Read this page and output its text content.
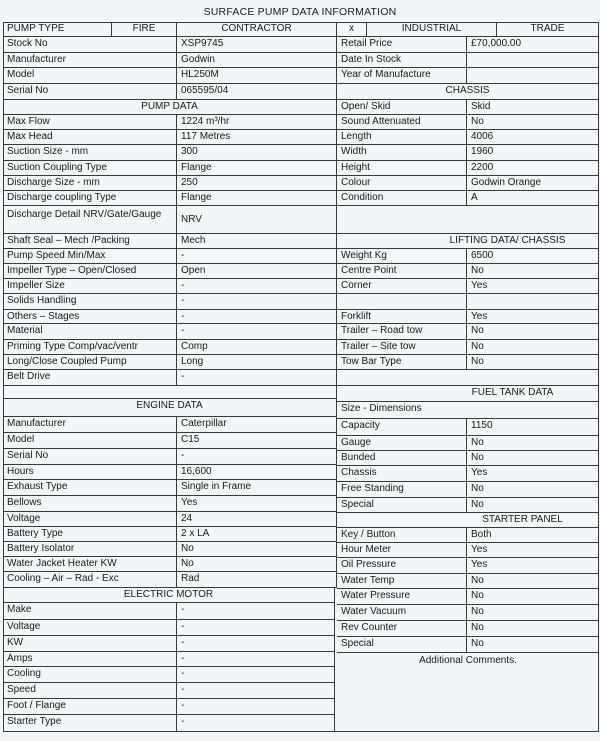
SURFACE PUMP DATA INFORMATION
PUMP TYPE	FIRE	CONTRACTOR	x	INDUSTRIAL	TRADE
Stock No	XSP9745
Manufacturer	Godwin
Model	HL250M
Serial No	065595/04
Retail Price	£70,000.00
Date In Stock
Year of Manufacture
CHASSIS
PUMP DATA
Max Flow	1224 m³/hr
Max Head	117 Metres
Suction Size - mm	300
Suction Coupling Type	Flange
Discharge Size - mm	250
Discharge coupling Type	Flange
Discharge Detail NRV/Gate/Gauge	NRV
Shaft Seal – Mech /Packing	Mech
Pump Speed Min/Max	-
Impeller Type – Open/Closed	Open
Impeller Size	-
Solids Handling	-
Others – Stages	-
Material	-
Priming Type Comp/vac/ventr	Comp
Long/Close Coupled Pump	Long
Belt Drive	-
Open/ Skid	Skid
Sound Attenuated	No
Length	4006
Width	1960
Height	2200
Colour	Godwin Orange
Condition	A
LIFTING DATA/ CHASSIS
Weight Kg	6500
Centre Point	No
Corner	Yes
Forklift	Yes
Trailer – Road tow	No
Trailer – Site tow	No
Tow Bar Type	No
FUEL TANK DATA
Size - Dimensions
Capacity	1150
Gauge	No
Bunded	No
Chassis	Yes
Free Standing	No
Special	No
ENGINE DATA
Manufacturer	Caterpillar
Model	C15
Serial No	-
Hours	16,600
Exhaust Type	Single in Frame
Bellows	Yes
Voltage	24
Battery Type	2 x LA
Battery Isolator	No
Water Jacket Heater KW	No
Cooling – Air – Rad - Exc	Rad
STARTER PANEL
Key / Button	Both
Hour Meter	Yes
Oil Pressure	Yes
Water Temp	No
Water Pressure	No
Water Vacuum	No
Rev Counter	No
Special	No
Additional Comments.
ELECTRIC MOTOR
Make	-
Voltage	-
KW	-
Amps	-
Cooling	-
Speed	-
Foot / Flange	-
Starter Type	-
